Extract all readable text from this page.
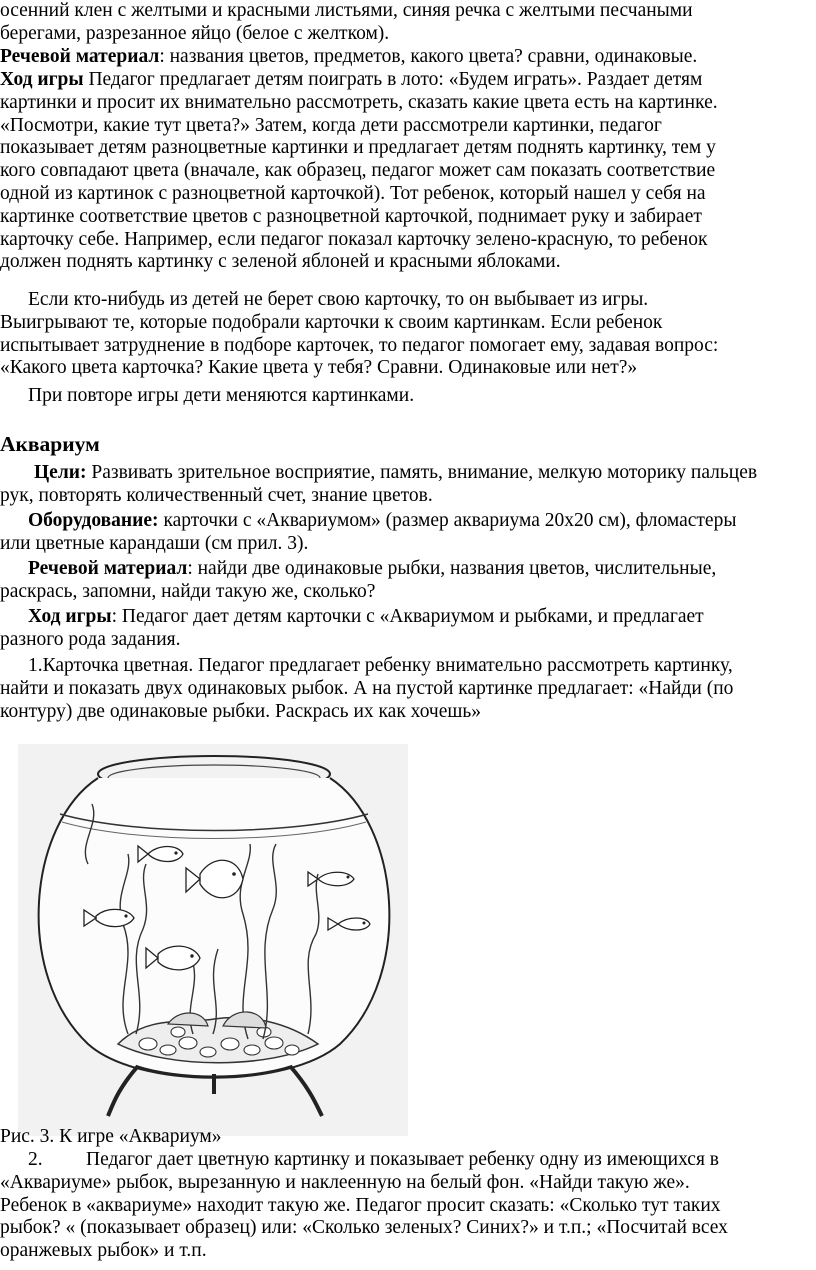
осенний клен с желтыми и красными листьями, синяя речка с желтыми песчаными
берегами, разрезанное яйцо (белое с желтком).
Речевой материал: названия цветов, предметов, какого цвета? сравни, одинаковые.
Ход игры Педагог предлагает детям поиграть в лото: «Будем играть». Раздает детям
картинки и просит их внимательно рассмотреть, сказать какие цвета есть на картинке.
«Посмотри, какие тут цвета?» Затем, когда дети рассмотрели картинки, педагог
показывает детям разноцветные картинки и предлагает детям поднять картинку, тем у
кого совпадают цвета (вначале, как образец, педагог может сам показать соответствие
одной из картинок с разноцветной карточкой). Тот ребенок, который нашел у себя на
картинке соответствие цветов с разноцветной карточкой, поднимает руку и забирает
карточку себе. Например, если педагог показал карточку зелено-красную, то ребенок
должен поднять картинку с зеленой яблоней и красными яблоками.
Если кто-нибудь из детей не берет свою карточку, то он выбывает из игры.
Выигрывают те, которые подобрали карточки к своим картинкам. Если ребенок
испытывает затруднение в подборе карточек, то педагог помогает ему, задавая вопрос:
«Какого цвета карточка? Какие цвета у тебя? Сравни. Одинаковые или нет?»
При повторе игры дети меняются картинками.
Аквариум
Цели: Развивать зрительное восприятие, память, внимание, мелкую моторику пальцев
рук, повторять количественный счет, знание цветов.
Оборудование: карточки с «Аквариумом» (размер аквариума 20х20 см), фломастеры
или цветные карандаши (см прил. 3).
Речевой материал: найди две одинаковые рыбки, названия цветов, числительные,
раскрась, запомни, найди такую же, сколько?
Ход игры: Педагог дает детям карточки с «Аквариумом и рыбками, и предлагает
разного рода задания.
1.Карточка цветная. Педагог предлагает ребенку внимательно рассмотреть картинку,
найти и показать двух одинаковых рыбок. А на пустой картинке предлагает: «Найди (по
контуру) две одинаковые рыбки. Раскрась их как хочешь»
Рис. 3. К игре «Аквариум»
2. Педагог дает цветную картинку и показывает ребенку одну из имеющихся в
«Аквариуме» рыбок, вырезанную и наклеенную на белый фон. «Найди такую же».
Ребенок в «аквариуме» находит такую же. Педагог просит сказать: «Сколько тут таких
рыбок? « (показывает образец) или: «Сколько зеленых? Синих?» и т.п.; «Посчитай всех
оранжевых рыбок» и т.п.
